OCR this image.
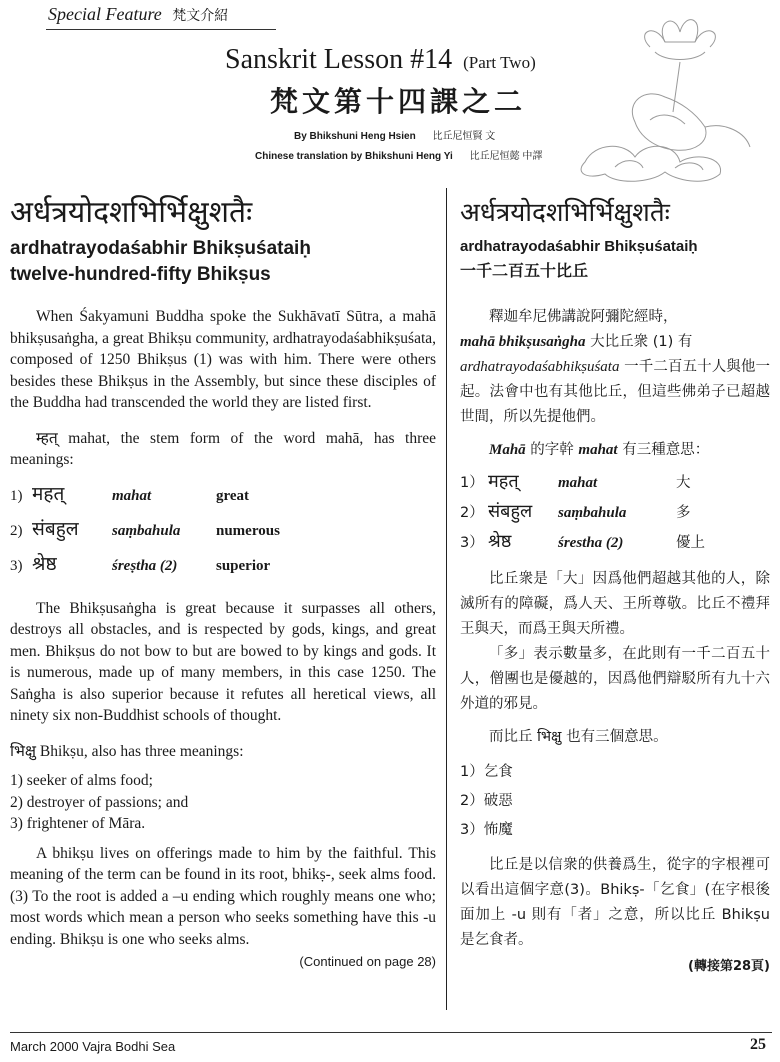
Special Feature 梵文介紹
Sanskrit Lesson #14 (Part Two)
梵文第十四課之二
By Bhikshuni Heng Hsien 比丘尼恒賢 文
Chinese translation by Bhikshuni Heng Yi 比丘尼恒懿 中譯
अर्धत्रयोदशभिर्भिक्षुशतैः
ardhatrayodaśabhir Bhikṣuśataiḥ
twelve-hundred-fifty Bhikṣus

When Śakyamuni Buddha spoke the Sukhāvatī Sūtra, a mahā bhikṣusaṅgha, a great Bhikṣu community, ardhatrayodaśabhikṣuśata, composed of 1250 Bhikṣus (1) was with him. There were others besides these Bhikṣus in the Assembly, but since these disciples of the Buddha had transcended the world they are listed first.

म्हत् mahat, the stem form of the word mahā, has three meanings:

1) महत्	mahat	great
2) संबहुल	saṃbahula	numerous
3) श्रेष्ठ	śreṣtha (2)	superior

The Bhikṣusaṅgha is great because it surpasses all others, destroys all obstacles, and is respected by gods, kings, and great men. Bhikṣus do not bow to but are bowed to by kings and gods. It is numerous, made up of many members, in this case 1250. The Saṅgha is also superior because it refutes all heretical views, all ninety six non-Buddhist schools of thought.

भिक्षु Bhikṣu, also has three meanings:

1) seeker of alms food;

2) destroyer of passions; and

3) frightener of Māra.

A bhikṣu lives on offerings made to him by the faithful. This meaning of the term can be found in its root, bhikṣ-, seek alms food. (3) To the root is added a –u ending which roughly means one who; most words which mean a person who seeks something have this -u ending. Bhikṣu is one who seeks alms.

(Continued on page 28)
अर्धत्रयोदशभिर्भिक्षुशतैः
ardhatrayodaśabhir Bhikṣuśataiḥ
一千二百五十比丘
釋迦牟尼佛講說阿彌陀經時，
mahā bhikṣusaṅgha 大比丘衆 (1) 有
ardhatrayodaśabhikṣuśata 一千二百五十人與他一起。法會中也有其他比丘，但這些佛弟子已超越世間，所以先提他們。
Mahā 的字幹 mahat 有三種意思：
1） महत्	mahat	大
2） संबहुल	saṃbahula	多
3） श्रेष्ठ	śrestha (2)	優上
比丘衆是「大」因爲他們超越其他的人，除滅所有的障礙，爲人天、王所尊敬。比丘不禮拜王與天，而爲王與天所禮。
「多」表示數量多，在此則有一千二百五十人，僧團也是優越的，因爲他們辯駁所有九十六外道的邪見。
而比丘 भिक्षु 也有三個意思。
1）乞食
2）破惡
3）怖魔
比丘是以信衆的供養爲生，從字的字根裡可以看出這個字意(3)。Bhikṣ-「乞食」(在字根後面加上 -u 則有「者」之意，所以比丘 Bhikṣu 是乞食者。
(轉接第28頁)
March 2000 Vajra Bodhi Sea	25
